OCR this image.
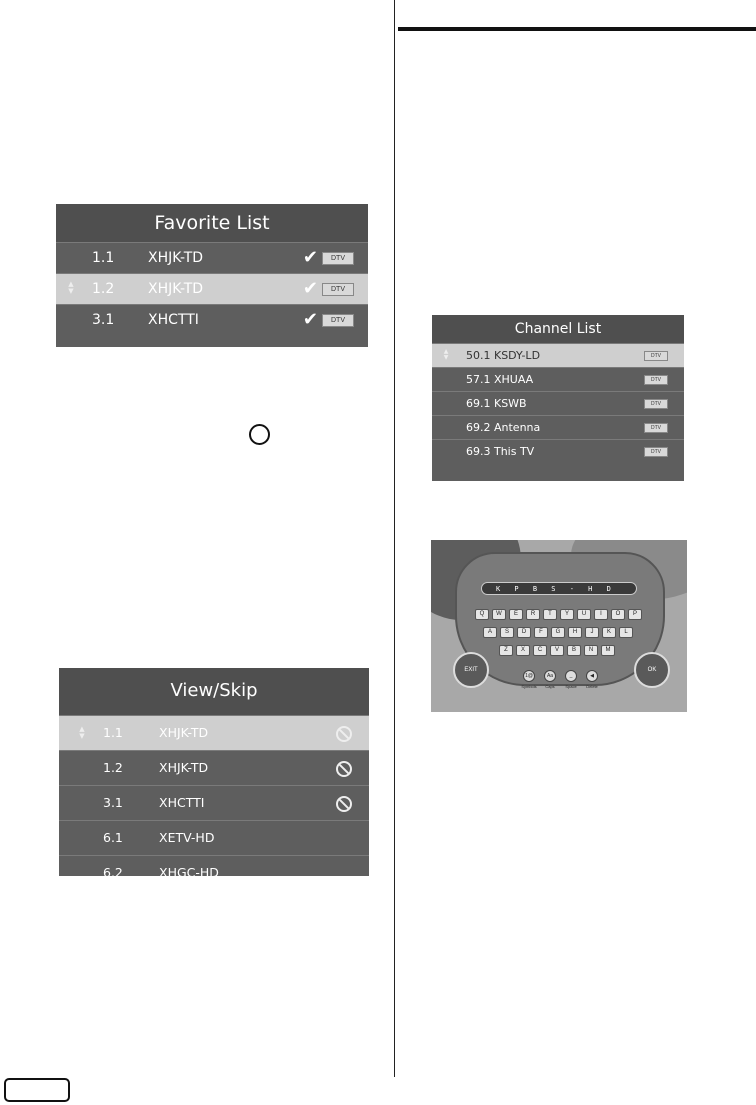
Favorite List
1.1 XHJK-TD	✔	DTV
▲
▼ 1.2 XHJK-TD	✔	DTV
3.1 XHCTTI	✔	DTV
Channel List
▲
▼ 50.1 KSDY-LD	DTV
57.1 XHUAA	DTV
69.1 KSWB	DTV
69.2 Antenna	DTV
69.3 This TV	DTV
View/Skip
▲
▼ 1.1	XHJK-TD
1.2	XHJK-TD
3.1	XHCTTI
6.1	XETV-HD
6.2	XHGC-HD
K P B S - H D
Q	W	E	R	T	Y	U	I	O	P
A	S	D	F	G	H	J	K	L
Z	X	C	V	B	N	M
1@
Symbols
Aa
Caps
_
Space
◀
Delete
EXIT	OK
